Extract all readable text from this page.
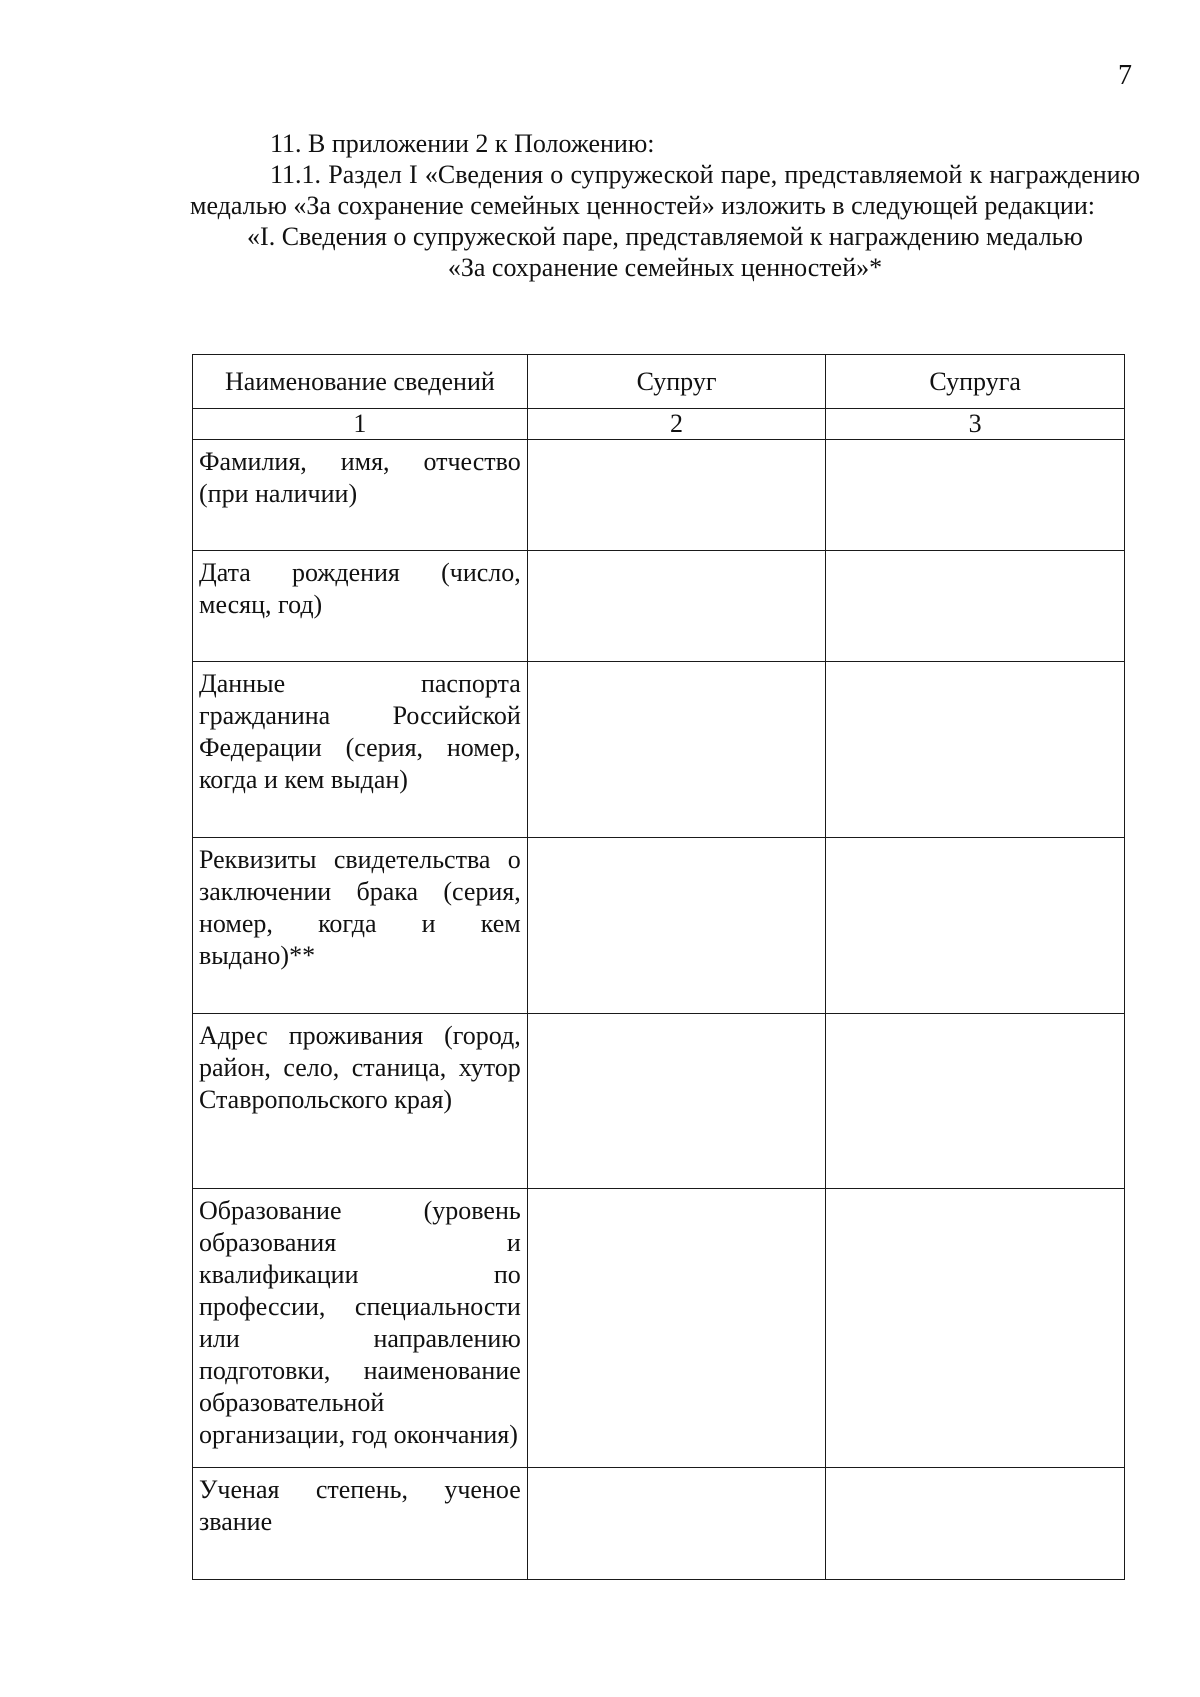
7

11. В приложении 2 к Положению:

11.1. Раздел I «Сведения о супружеской паре, представляемой к награждению медалью «За сохранение семейных ценностей» изложить в следующей редакции:

«I. Сведения о супружеской паре, представляемой к награждению медалью

«За сохранение семейных ценностей»*

Наименование сведений	Супруг	Супруга
1	2	3
Фамилия, имя, отчество (при наличии)		
Дата рождения (число, месяц, год)		
Данные паспорта гражданина Российской Федерации (серия, номер, когда и кем выдан)		
Реквизиты свидетельства о заключении брака (серия, номер, когда и кем выдано)**		
Адрес проживания (город, район, село, станица, хутор Ставропольского края)		
Образование (уровень образования и квалификации по профессии, специальности или направлению подготовки, наименование образовательной организации, год окончания)		
Ученая степень, ученое звание		
